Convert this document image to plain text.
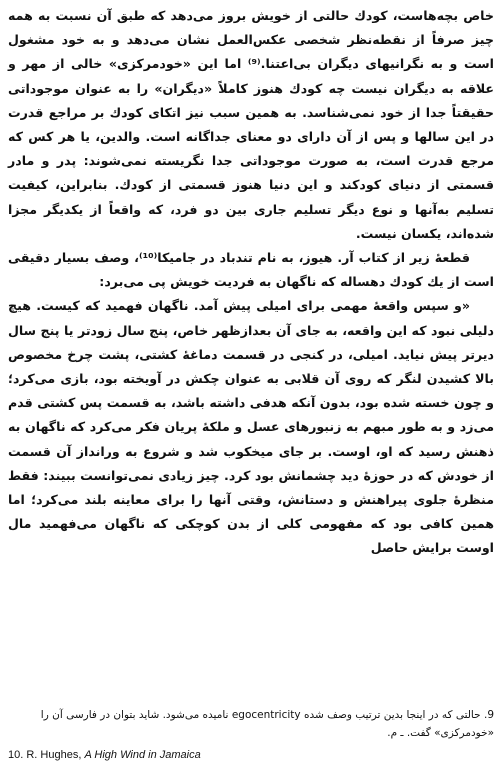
خاص بچه‌هاست، کودك حالتی از خویش بروز می‌دهد که طبق آن نسبت به همه چیز صرفاً از نقطه‌نظر شخصی عکس‌العمل نشان می‌دهد و به خود مشغول است و به نگرانیهای دیگران بی‌اعتنا.⁽⁹⁾ اما این «خودمرکزی» خالی از مهر و علاقه به دیگران نیست چه کودك هنوز کاملاً «دیگران» را به عنوان موجوداتی حقیقتاً جدا از خود نمی‌شناسد. به همین سبب نیز اتکای کودك بر مراجع قدرت در این سالها و پس از آن دارای دو معنای جداگانه است. والدین، یا هر کس که مرجع قدرت است، به صورت موجوداتی جدا نگریسته نمی‌شوند: پدر و مادر قسمتی از دنیای کودکند و این دنیا هنوز قسمتی از کودك. بنابراین، کیفیت تسلیم به‌آنها و نوع دیگر تسلیم جاری بین دو فرد، که واقعاً از یکدیگر مجزا شده‌اند، یکسان نیست.

قطعهٔ زیر از کتاب آر. هیوز، به نام تندباد در جامیکا⁽¹⁰⁾، وصف بسیار دقیقی است از یك کودك دهساله که ناگهان به فردیت خویش پی می‌برد:

«و سپس واقعهٔ مهمی برای امیلی پیش آمد. ناگهان فهمید که کیست. هیچ دلیلی نبود که این واقعه، به جای آن بعدازظهر خاص، پنج سال زودتر یا پنج سال دیرتر پیش نیاید. امیلی، در کنجی در قسمت دماغهٔ کشتی، پشت چرخ مخصوص بالا کشیدن لنگر که روی آن قلابی به عنوان چکش در آویخته بود، بازی می‌کرد؛ و چون خسته شده بود، بدون آنکه هدفی داشته باشد، به قسمت پس کشتی قدم می‌زد و به طور مبهم به زنبورهای عسل و ملکهٔ پریان فکر می‌کرد که ناگهان به ذهنش رسید که او، اوست. بر جای میخکوب شد و شروع به ورانداز آن قسمت از خودش که در حوزهٔ دید چشمانش بود کرد. چیز زیادی نمی‌توانست ببیند: فقط منظرهٔ جلوی پیراهنش و دستانش، وقتی آنها را برای معاینه بلند می‌کرد؛ اما همین کافی بود که مفهومی کلی از بدن کوچکی که ناگهان می‌فهمید مال اوست برایش حاصل

9. حالتی که در اینجا بدین ترتیب وصف شده egocentricity نامیده می‌شود. شاید بتوان در فارسی آن را «خودمرکزی» گفت. ـ م.
10. R. Hughes, A High Wind in Jamaica
